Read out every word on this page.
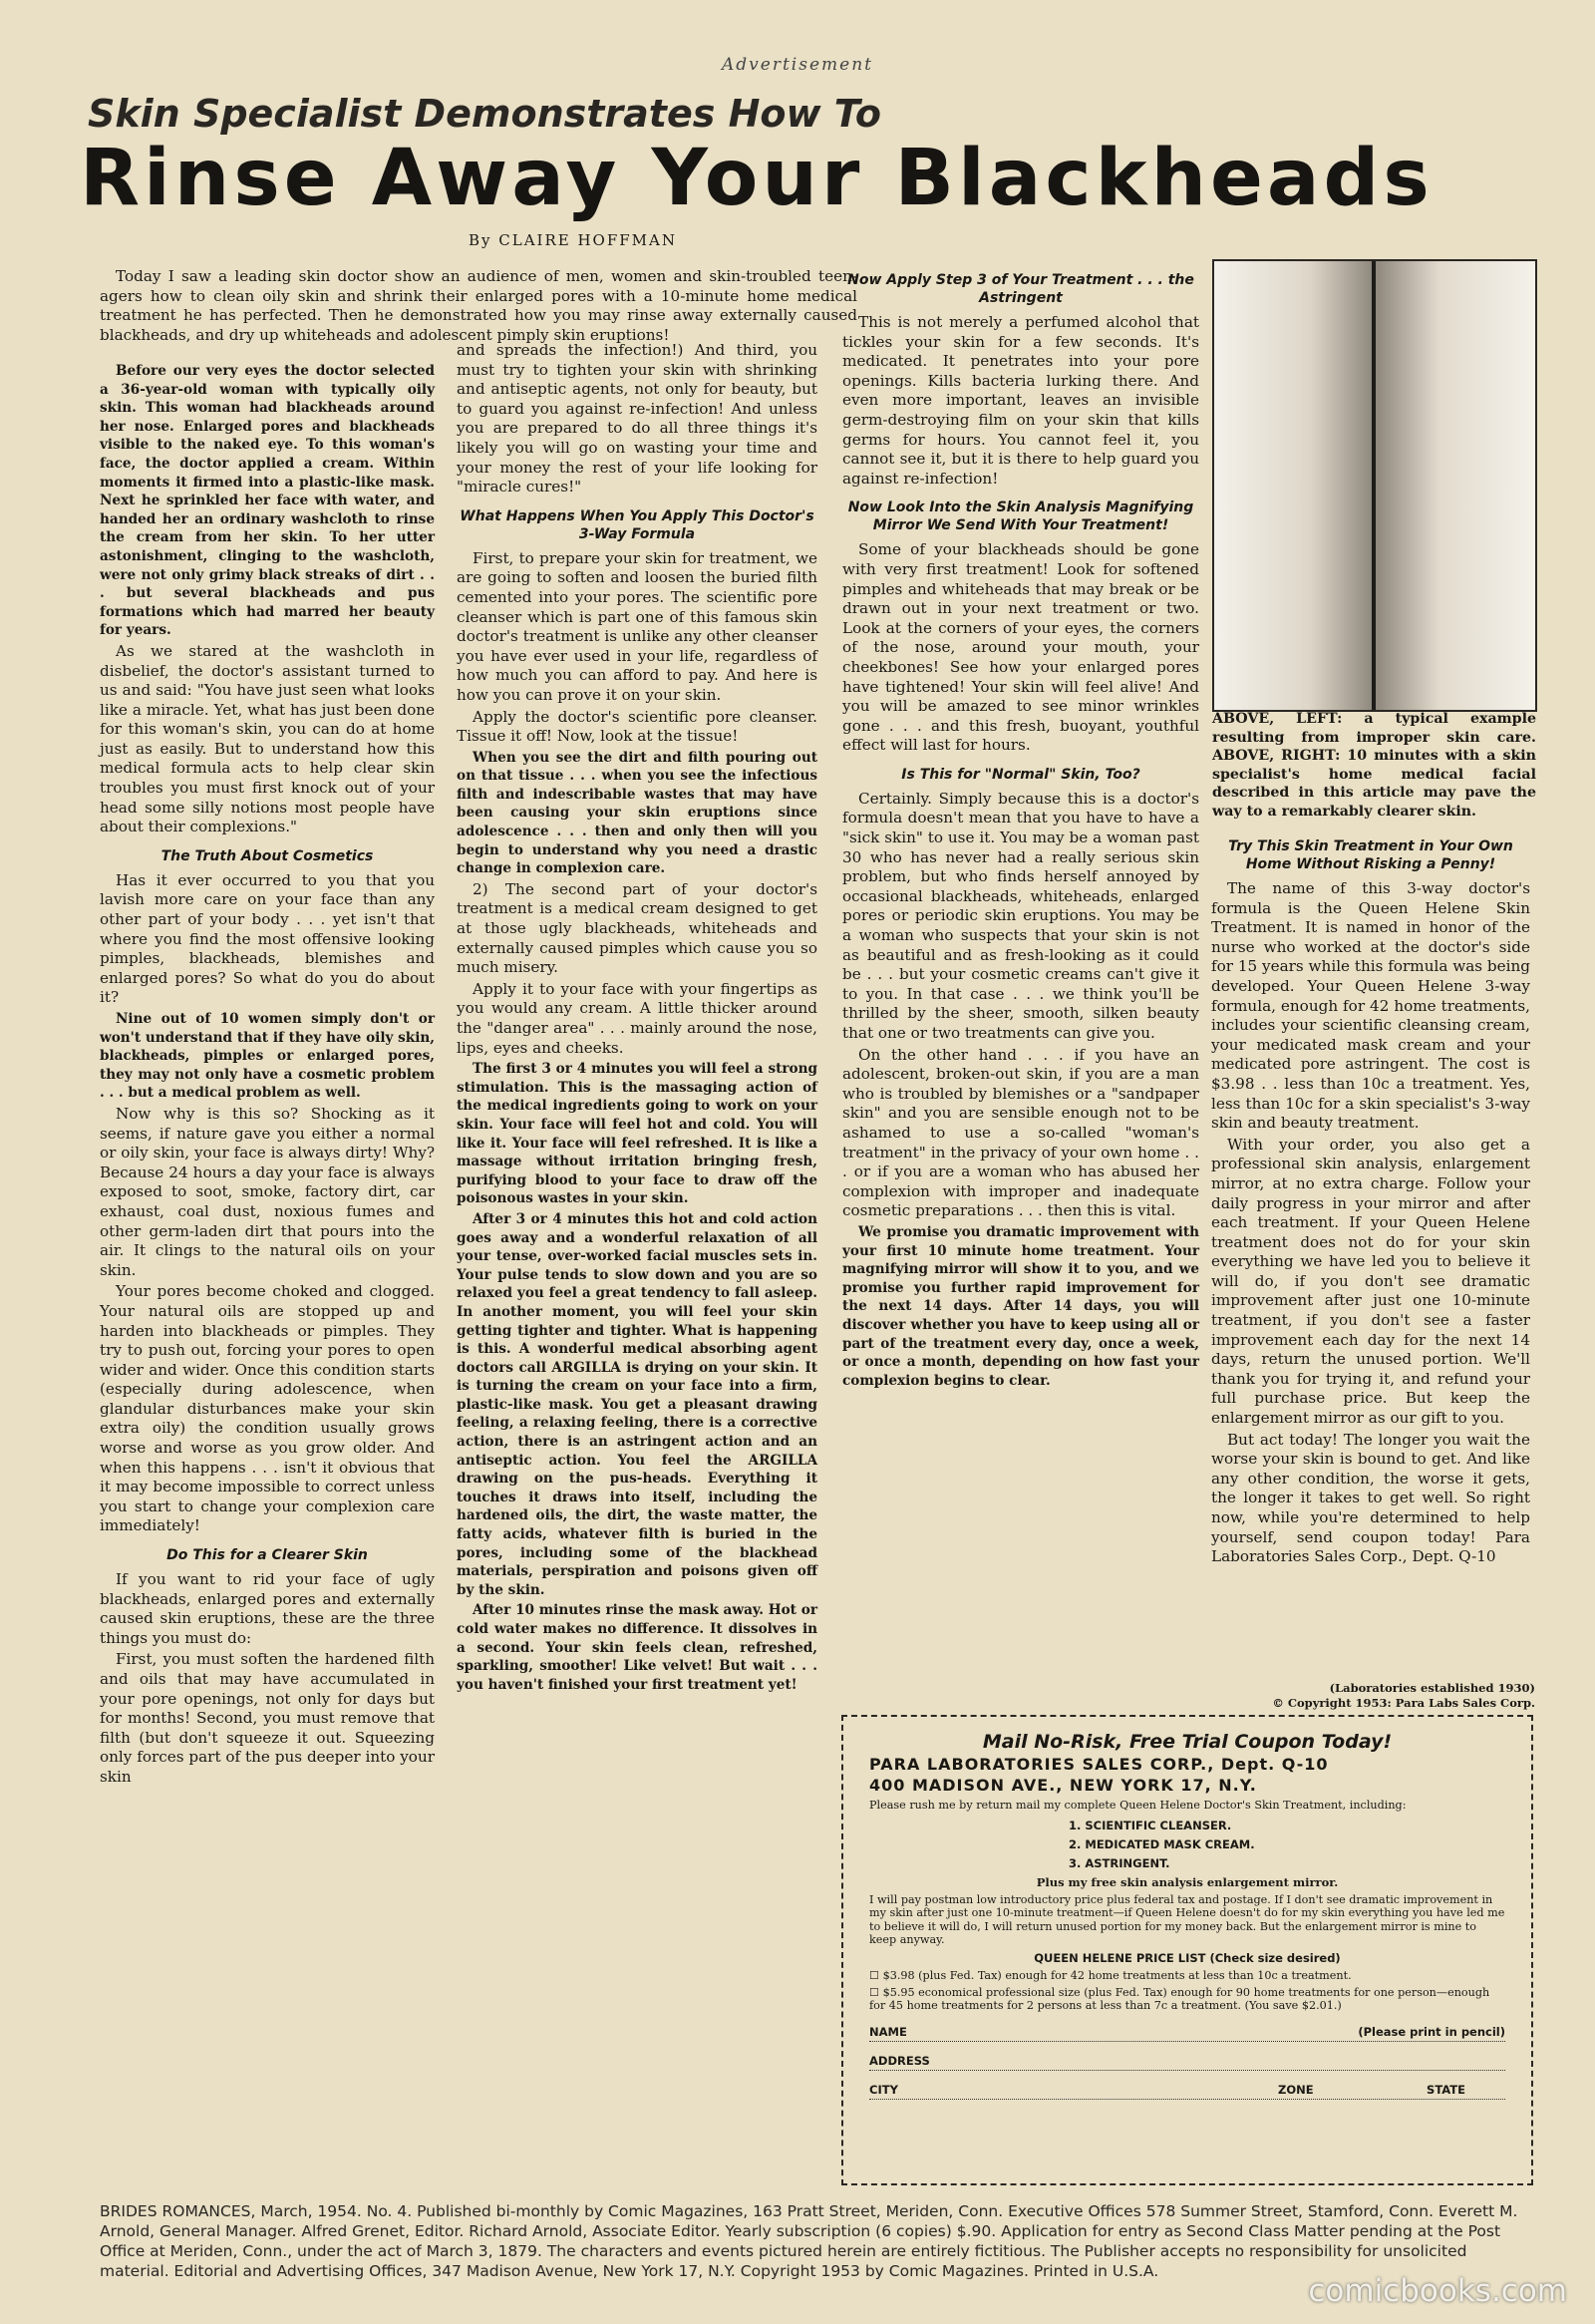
Advertisement
Skin Specialist Demonstrates How To
Rinse Away Your Blackheads
By CLAIRE HOFFMAN

Today I saw a leading skin doctor show an audience of men, women and skin-troubled teen-agers how to clean oily skin and shrink their enlarged pores with a 10-minute home medical treatment he has perfected. Then he demonstrated how you may rinse away externally caused blackheads, and dry up whiteheads and adolescent pimply skin eruptions!

Before our very eyes the doctor selected a 36-year-old woman with typically oily skin. This woman had blackheads around her nose. Enlarged pores and blackheads visible to the naked eye. To this woman's face, the doctor applied a cream. Within moments it firmed into a plastic-like mask. Next he sprinkled her face with water, and handed her an ordinary washcloth to rinse the cream from her skin. To her utter astonishment, clinging to the washcloth, were not only grimy black streaks of dirt . . . but several blackheads and pus formations which had marred her beauty for years.

As we stared at the washcloth in disbelief, the doctor's assistant turned to us and said: "You have just seen what looks like a miracle. Yet, what has just been done for this woman's skin, you can do at home just as easily. But to understand how this medical formula acts to help clear skin troubles you must first knock out of your head some silly notions most people have about their complexions."

The Truth About Cosmetics

Has it ever occurred to you that you lavish more care on your face than any other part of your body . . . yet isn't that where you find the most offensive looking pimples, blackheads, blemishes and enlarged pores? So what do you do about it?

Nine out of 10 women simply don't or won't understand that if they have oily skin, blackheads, pimples or enlarged pores, they may not only have a cosmetic problem . . . but a medical problem as well.

Now why is this so? Shocking as it seems, if nature gave you either a normal or oily skin, your face is always dirty! Why? Because 24 hours a day your face is always exposed to soot, smoke, factory dirt, car exhaust, coal dust, noxious fumes and other germ-laden dirt that pours into the air. It clings to the natural oils on your skin.

Your pores become choked and clogged. Your natural oils are stopped up and harden into blackheads or pimples. They try to push out, forcing your pores to open wider and wider. Once this condition starts (especially during adolescence, when glandular disturbances make your skin extra oily) the condition usually grows worse and worse as you grow older. And when this happens . . . isn't it obvious that it may become impossible to correct unless you start to change your complexion care immediately!

Do This for a Clearer Skin

If you want to rid your face of ugly blackheads, enlarged pores and externally caused skin eruptions, these are the three things you must do:

First, you must soften the hardened filth and oils that may have accumulated in your pore openings, not only for days but for months! Second, you must remove that filth (but don't squeeze it out. Squeezing only forces part of the pus deeper into your skin

and spreads the infection!) And third, you must try to tighten your skin with shrinking and antiseptic agents, not only for beauty, but to guard you against re-infection! And unless you are prepared to do all three things it's likely you will go on wasting your time and your money the rest of your life looking for "miracle cures!"

What Happens When You Apply This Doctor's 3-Way Formula

First, to prepare your skin for treatment, we are going to soften and loosen the buried filth cemented into your pores. The scientific pore cleanser which is part one of this famous skin doctor's treatment is unlike any other cleanser you have ever used in your life, regardless of how much you can afford to pay. And here is how you can prove it on your skin.

Apply the doctor's scientific pore cleanser. Tissue it off! Now, look at the tissue!

When you see the dirt and filth pouring out on that tissue . . . when you see the infectious filth and indescribable wastes that may have been causing your skin eruptions since adolescence . . . then and only then will you begin to understand why you need a drastic change in complexion care.

2) The second part of your doctor's treatment is a medical cream designed to get at those ugly blackheads, whiteheads and externally caused pimples which cause you so much misery.

Apply it to your face with your fingertips as you would any cream. A little thicker around the "danger area" . . . mainly around the nose, lips, eyes and cheeks.

The first 3 or 4 minutes you will feel a strong stimulation. This is the massaging action of the medical ingredients going to work on your skin. Your face will feel hot and cold. You will like it. Your face will feel refreshed. It is like a massage without irritation bringing fresh, purifying blood to your face to draw off the poisonous wastes in your skin.

After 3 or 4 minutes this hot and cold action goes away and a wonderful relaxation of all your tense, over-worked facial muscles sets in. Your pulse tends to slow down and you are so relaxed you feel a great tendency to fall asleep. In another moment, you will feel your skin getting tighter and tighter. What is happening is this. A wonderful medical absorbing agent doctors call ARGILLA is drying on your skin. It is turning the cream on your face into a firm, plastic-like mask. You get a pleasant drawing feeling, a relaxing feeling, there is a corrective action, there is an astringent action and an antiseptic action. You feel the ARGILLA drawing on the pus-heads. Everything it touches it draws into itself, including the hardened oils, the dirt, the waste matter, the fatty acids, whatever filth is buried in the pores, including some of the blackhead materials, perspiration and poisons given off by the skin.

After 10 minutes rinse the mask away. Hot or cold water makes no difference. It dissolves in a second. Your skin feels clean, refreshed, sparkling, smoother! Like velvet! But wait . . . you haven't finished your first treatment yet!

Now Apply Step 3 of Your Treatment . . . the Astringent

This is not merely a perfumed alcohol that tickles your skin for a few seconds. It's medicated. It penetrates into your pore openings. Kills bacteria lurking there. And even more important, leaves an invisible germ-destroying film on your skin that kills germs for hours. You cannot feel it, you cannot see it, but it is there to help guard you against re-infection!

Now Look Into the Skin Analysis Magnifying Mirror We Send With Your Treatment!

Some of your blackheads should be gone with very first treatment! Look for softened pimples and whiteheads that may break or be drawn out in your next treatment or two. Look at the corners of your eyes, the corners of the nose, around your mouth, your cheekbones! See how your enlarged pores have tightened! Your skin will feel alive! And you will be amazed to see minor wrinkles gone . . . and this fresh, buoyant, youthful effect will last for hours.

Is This for "Normal" Skin, Too?

Certainly. Simply because this is a doctor's formula doesn't mean that you have to have a "sick skin" to use it. You may be a woman past 30 who has never had a really serious skin problem, but who finds herself annoyed by occasional blackheads, whiteheads, enlarged pores or periodic skin eruptions. You may be a woman who suspects that your skin is not as beautiful and as fresh-looking as it could be . . . but your cosmetic creams can't give it to you. In that case . . . we think you'll be thrilled by the sheer, smooth, silken beauty that one or two treatments can give you.

On the other hand . . . if you have an adolescent, broken-out skin, if you are a man who is troubled by blemishes or a "sandpaper skin" and you are sensible enough not to be ashamed to use a so-called "woman's treatment" in the privacy of your own home . . . or if you are a woman who has abused her complexion with improper and inadequate cosmetic preparations . . . then this is vital.

We promise you dramatic improvement with your first 10 minute home treatment. Your magnifying mirror will show it to you, and we promise you further rapid improvement for the next 14 days. After 14 days, you will discover whether you have to keep using all or part of the treatment every day, once a week, or once a month, depending on how fast your complexion begins to clear.

ABOVE, LEFT: a typical example resulting from improper skin care. ABOVE, RIGHT: 10 minutes with a skin specialist's home medical facial described in this article may pave the way to a remarkably clearer skin.
Try This Skin Treatment in Your Own Home Without Risking a Penny!

The name of this 3-way doctor's formula is the Queen Helene Skin Treatment. It is named in honor of the nurse who worked at the doctor's side for 15 years while this formula was being developed. Your Queen Helene 3-way formula, enough for 42 home treatments, includes your scientific cleansing cream, your medicated mask cream and your medicated pore astringent. The cost is $3.98 . . less than 10c a treatment. Yes, less than 10c for a skin specialist's 3-way skin and beauty treatment.

With your order, you also get a professional skin analysis, enlargement mirror, at no extra charge. Follow your daily progress in your mirror and after each treatment. If your Queen Helene treatment does not do for your skin everything we have led you to believe it will do, if you don't see dramatic improvement after just one 10-minute treatment, if you don't see a faster improvement each day for the next 14 days, return the unused portion. We'll thank you for trying it, and refund your full purchase price. But keep the enlargement mirror as our gift to you.

But act today! The longer you wait the worse your skin is bound to get. And like any other condition, the worse it gets, the longer it takes to get well. So right now, while you're determined to help yourself, send coupon today! Para Laboratories Sales Corp., Dept. Q-10

(Laboratories established 1930)
© Copyright 1953: Para Labs Sales Corp.
Mail No-Risk, Free Trial Coupon Today!
PARA LABORATORIES SALES CORP., Dept. Q-10
400 MADISON AVE., NEW YORK 17, N.Y.
Please rush me by return mail my complete Queen Helene Doctor's Skin Treatment, including:
1. SCIENTIFIC CLEANSER.
2. MEDICATED MASK CREAM.
3. ASTRINGENT.
Plus my free skin analysis enlargement mirror.
I will pay postman low introductory price plus federal tax and postage. If I don't see dramatic improvement in my skin after just one 10-minute treatment—if Queen Helene doesn't do for my skin everything you have led me to believe it will do, I will return unused portion for my money back. But the enlargement mirror is mine to keep anyway.
QUEEN HELENE PRICE LIST (Check size desired)
☐ $3.98 (plus Fed. Tax) enough for 42 home treatments at less than 10c a treatment.
☐ $5.95 economical professional size (plus Fed. Tax) enough for 90 home treatments for one person—enough for 45 home treatments for 2 persons at less than 7c a treatment. (You save $2.01.)
NAME	(Please print in pencil)
ADDRESS
CITY	ZONE	STATE
BRIDES ROMANCES, March, 1954. No. 4. Published bi-monthly by Comic Magazines, 163 Pratt Street, Meriden, Conn. Executive Offices 578 Summer Street, Stamford, Conn. Everett M. Arnold, General Manager. Alfred Grenet, Editor. Richard Arnold, Associate Editor. Yearly subscription (6 copies) $.90. Application for entry as Second Class Matter pending at the Post Office at Meriden, Conn., under the act of March 3, 1879. The characters and events pictured herein are entirely fictitious. The Publisher accepts no responsibility for unsolicited material. Editorial and Advertising Offices, 347 Madison Avenue, New York 17, N.Y. Copyright 1953 by Comic Magazines. Printed in U.S.A.
comicbooks.com
